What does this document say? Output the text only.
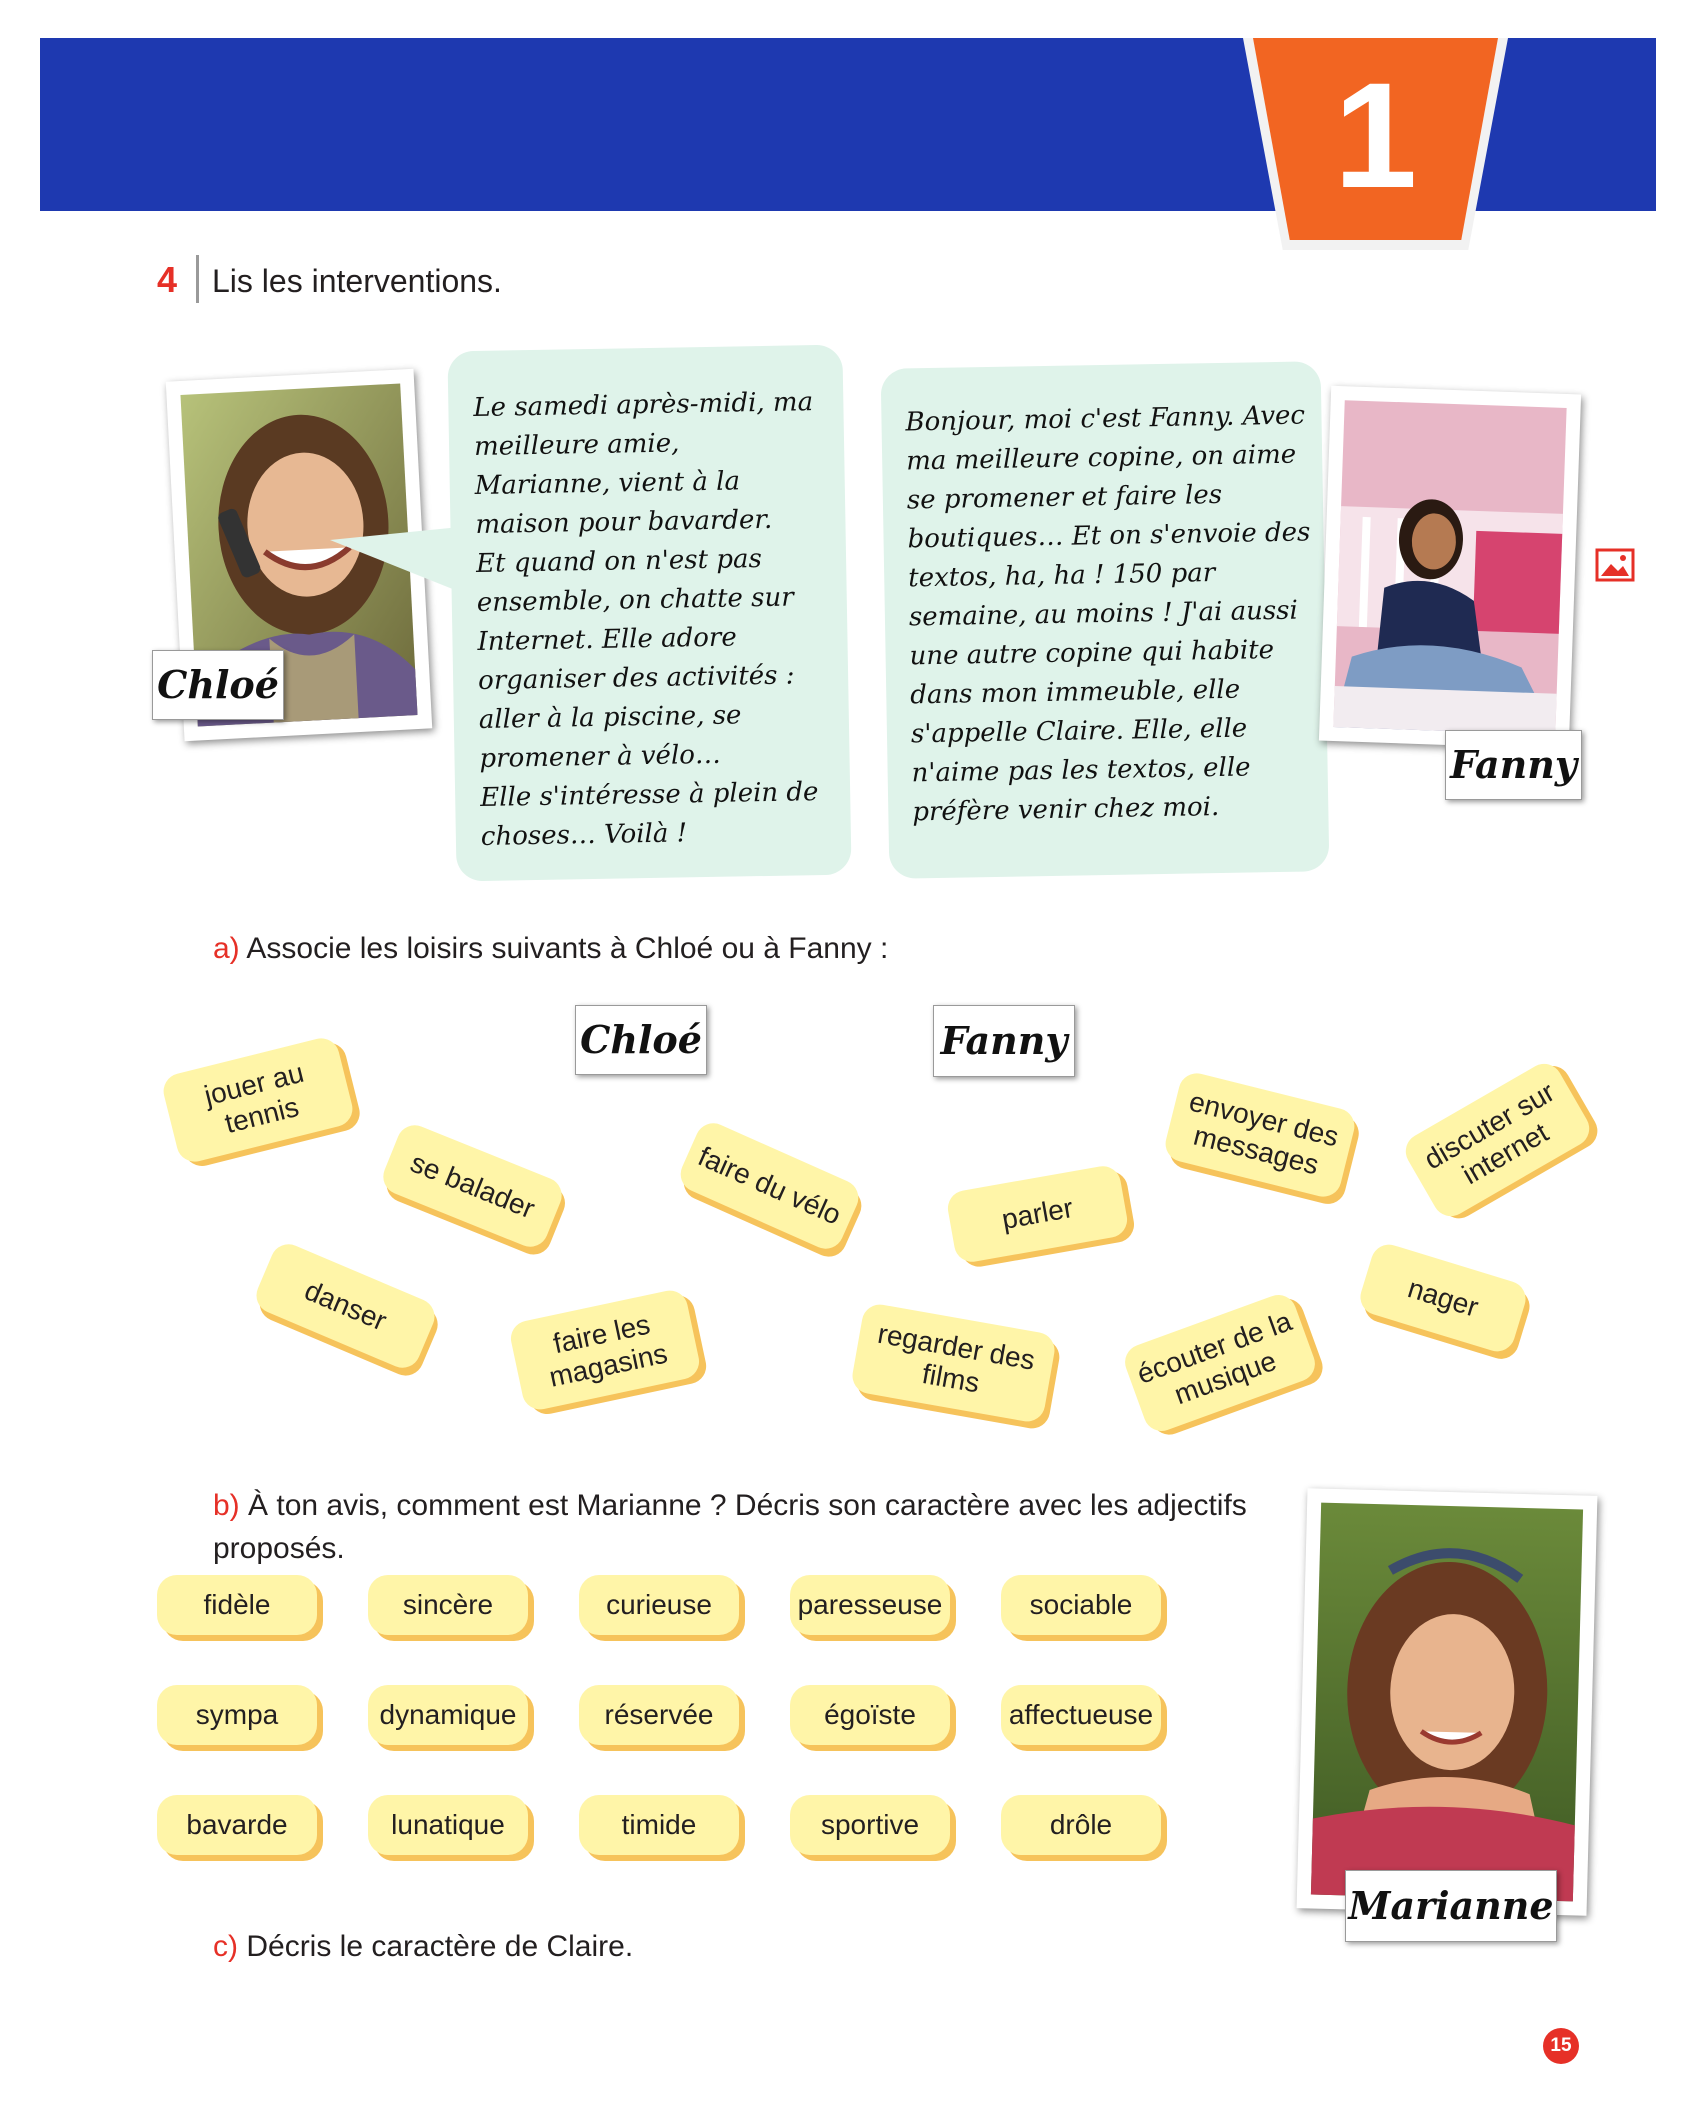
1
4 Lis les interventions.
Chloé
Le samedi après-midi, ma
meilleure amie,
Marianne, vient à la
maison pour bavarder.
Et quand on n'est pas
ensemble, on chatte sur
Internet. Elle adore
organiser des activités :
aller à la piscine, se
promener à vélo…
Elle s'intéresse à plein de
choses… Voilà !
Bonjour, moi c'est Fanny. Avec
ma meilleure copine, on aime
se promener et faire les
boutiques… Et on s'envoie des
textos, ha, ha ! 150 par
semaine, au moins ! J'ai aussi
une autre copine qui habite
dans mon immeuble, elle
s'appelle Claire. Elle, elle
n'aime pas les textos, elle
préfère venir chez moi.
Fanny
a) Associe les loisirs suivants à Chloé ou à Fanny :
Chloé	Fanny
jouer au
tennis
se balader	faire du vélo	parler
envoyer des
messages	discuter sur
internet
danser	faire les
magasins	regarder des
films	écouter de la
musique
nager
b) À ton avis, comment est Marianne ? Décris son caractère avec les adjectifs
proposés.
fidèle	sincère	curieuse	paresseuse	sociable
sympa	dynamique	réservée	égoïste	affectueuse
bavarde	lunatique	timide	sportive	drôle
Marianne
c) Décris le caractère de Claire.
15
